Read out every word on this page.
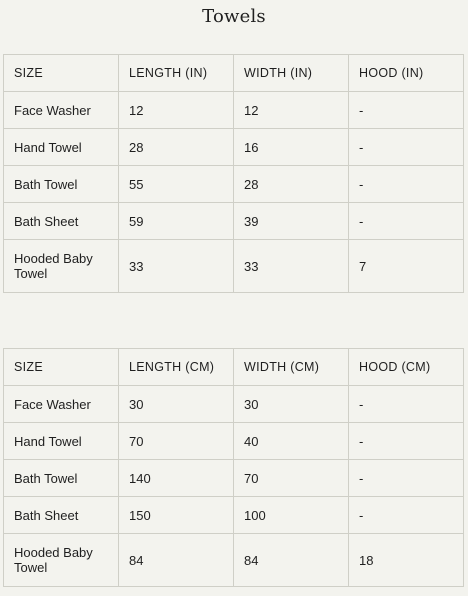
Towels
SIZE	LENGTH (IN)	WIDTH (IN)	HOOD (IN)
Face Washer	12	12	-
Hand Towel	28	16	-
Bath Towel	55	28	-
Bath Sheet	59	39	-
Hooded Baby Towel	33	33	7
SIZE	LENGTH (CM)	WIDTH (CM)	HOOD (CM)
Face Washer	30	30	-
Hand Towel	70	40	-
Bath Towel	140	70	-
Bath Sheet	150	100	-
Hooded Baby Towel	84	84	18
